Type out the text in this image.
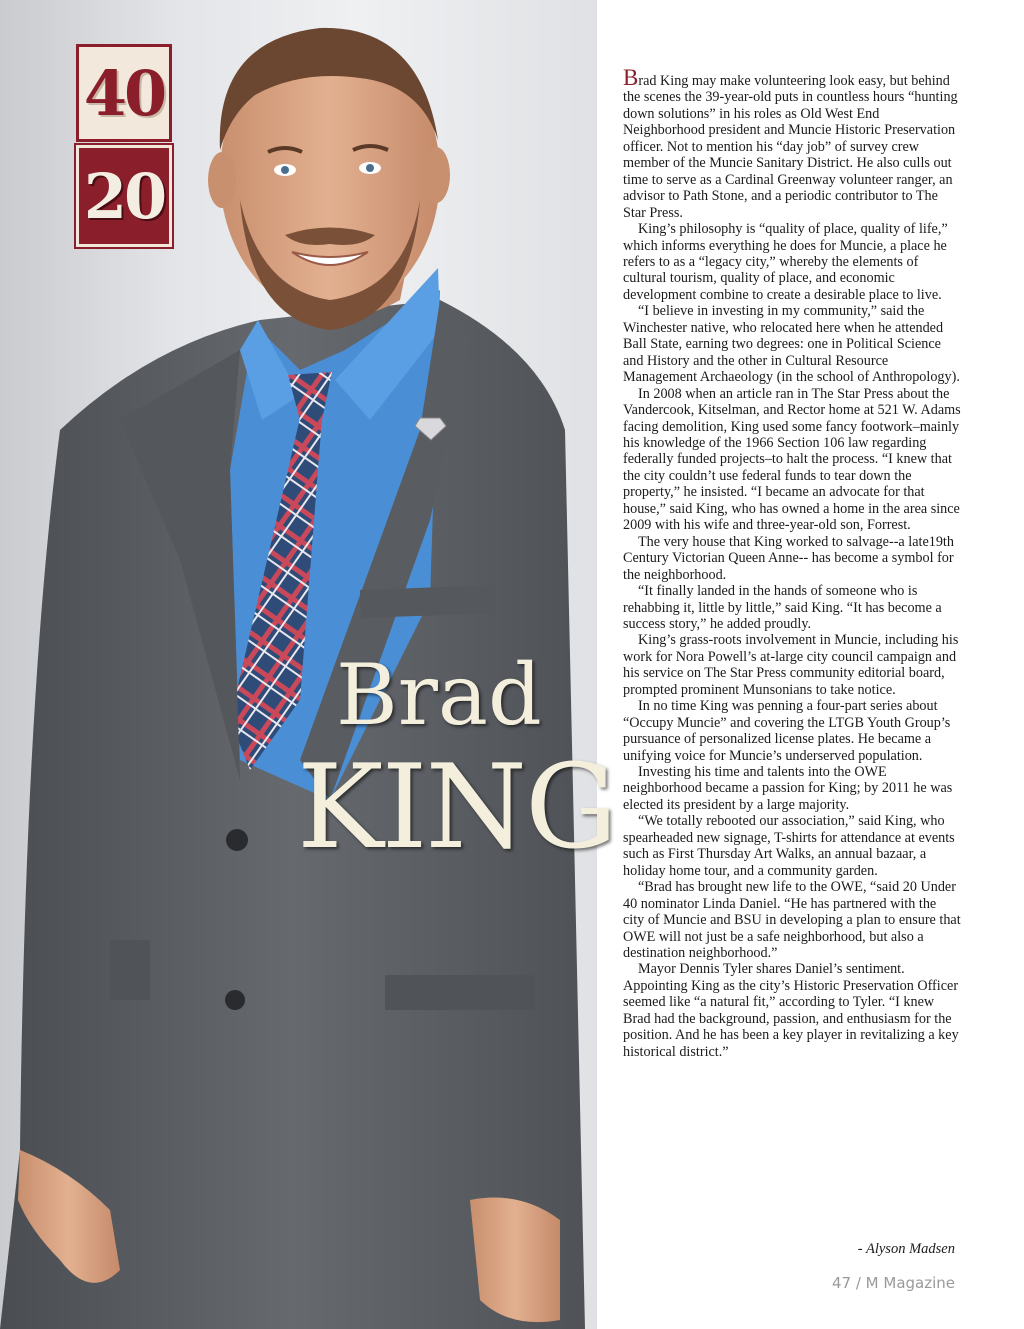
40
20
Brad
KING

Brad King may make volunteering look easy, but behind the scenes the 39-year-old puts in countless hours “hunting down solutions” in his roles as Old West End Neighborhood president and Muncie Historic Preservation officer. Not to mention his “day job” of survey crew member of the Muncie Sanitary District. He also culls out time to serve as a Cardinal Greenway volunteer ranger, an advisor to Path Stone, and a periodic contributor to The Star Press.

King’s philosophy is “quality of place, quality of life,” which informs everything he does for Muncie, a place he refers to as a “legacy city,” whereby the elements of cultural tourism, quality of place, and economic development combine to create a desirable place to live.

“I believe in investing in my community,” said the Winchester native, who relocated here when he attended Ball State, earning two degrees: one in Political Science and History and the other in Cultural Resource Management Archaeology (in the school of Anthropology).

In 2008 when an article ran in The Star Press about the Vandercook, Kitselman, and Rector home at 521 W. Adams facing demolition, King used some fancy footwork–mainly his knowledge of the 1966 Section 106 law regarding federally funded projects–to halt the process. “I knew that the city couldn’t use federal funds to tear down the property,” he insisted. “I became an advocate for that house,” said King, who has owned a home in the area since 2009 with his wife and three-year-old son, Forrest.

The very house that King worked to salvage--a late19th Century Victorian Queen Anne-- has become a symbol for the neighborhood.

“It finally landed in the hands of someone who is rehabbing it, little by little,” said King. “It has become a success story,” he added proudly.

King’s grass-roots involvement in Muncie, including his work for Nora Powell’s at-large city council campaign and his service on The Star Press community editorial board, prompted prominent Munsonians to take notice.

In no time King was penning a four-part series about “Occupy Muncie” and covering the LTGB Youth Group’s pursuance of personalized license plates. He became a unifying voice for Muncie’s underserved population.

Investing his time and talents into the OWE neighborhood became a passion for King; by 2011 he was elected its president by a large majority.

“We totally rebooted our association,” said King, who spearheaded new signage, T-shirts for attendance at events such as First Thursday Art Walks, an annual bazaar, a holiday home tour, and a community garden.

“Brad has brought new life to the OWE, “said 20 Under 40 nominator Linda Daniel. “He has partnered with the city of Muncie and BSU in developing a plan to ensure that OWE will not just be a safe neighborhood, but also a destination neighborhood.”

Mayor Dennis Tyler shares Daniel’s sentiment. Appointing King as the city’s Historic Preservation Officer seemed like “a natural fit,” according to Tyler. “I knew Brad had the background, passion, and enthusiasm for the position. And he has been a key player in revitalizing a key historical district.”

- Alyson Madsen
47 / M Magazine
